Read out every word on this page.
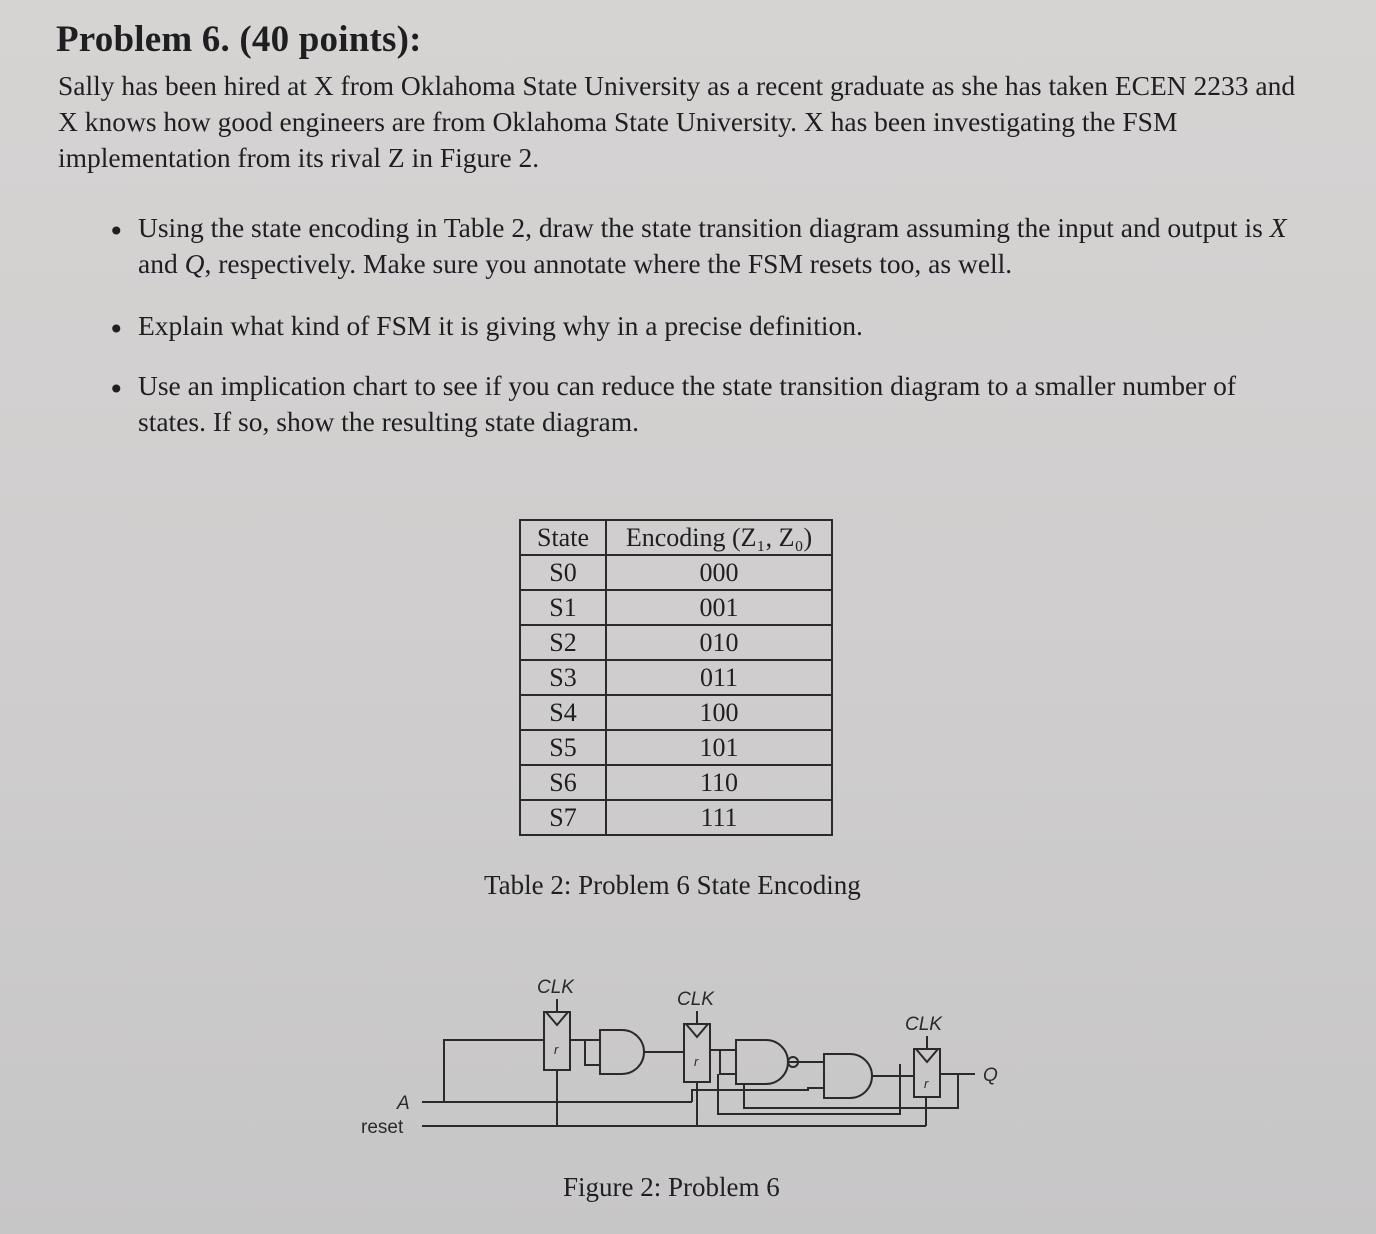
Problem 6. (40 points):
Sally has been hired at X from Oklahoma State University as a recent graduate as she has taken ECEN 2233 and X knows how good engineers are from Oklahoma State University. X has been investigating the FSM implementation from its rival Z in Figure 2.
• Using the state encoding in Table 2, draw the state transition diagram assuming the input and output is X and Q, respectively. Make sure you annotate where the FSM resets too, as well.
• Explain what kind of FSM it is giving why in a precise definition.
• Use an implication chart to see if you can reduce the state transition diagram to a smaller number of states. If so, show the resulting state diagram.
State	Encoding (Z₁, Z₀)
S0	000
S1	001
S2	010
S3	011
S4	100
S5	101
S6	110
S7	111
Table 2: Problem 6 State Encoding
CLK
CLK
CLK
A
reset
Q
r
r
r
Figure 2: Problem 6
